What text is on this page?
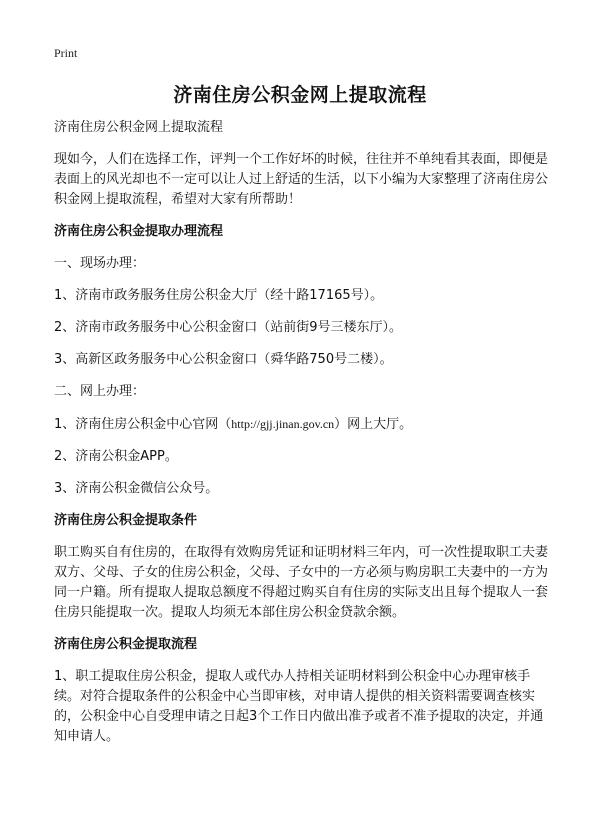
Print
济南住房公积金网上提取流程

济南住房公积金网上提取流程

现如今，人们在选择工作，评判一个工作好坏的时候，往往并不单纯看其表面，即便是表面上的风光却也不一定可以让人过上舒适的生活，以下小编为大家整理了济南住房公积金网上提取流程，希望对大家有所帮助！

济南住房公积金提取办理流程

一、现场办理：

1、济南市政务服务住房公积金大厅（经十路17165号）。

2、济南市政务服务中心公积金窗口（站前街9号三楼东厅）。

3、高新区政务服务中心公积金窗口（舜华路750号二楼）。

二、网上办理：

1、济南住房公积金中心官网（http://gjj.jinan.gov.cn）网上大厅。

2、济南公积金APP。

3、济南公积金微信公众号。

济南住房公积金提取条件

职工购买自有住房的，在取得有效购房凭证和证明材料三年内，可一次性提取职工夫妻双方、父母、子女的住房公积金，父母、子女中的一方必须与购房职工夫妻中的一方为同一户籍。所有提取人提取总额度不得超过购买自有住房的实际支出且每个提取人一套住房只能提取一次。提取人均须无本部住房公积金贷款余额。

济南住房公积金提取流程

1、职工提取住房公积金，提取人或代办人持相关证明材料到公积金中心办理审核手续。对符合提取条件的公积金中心当即审核，对申请人提供的相关资料需要调查核实的，公积金中心自受理申请之日起3个工作日内做出准予或者不准予提取的决定，并通知申请人。
